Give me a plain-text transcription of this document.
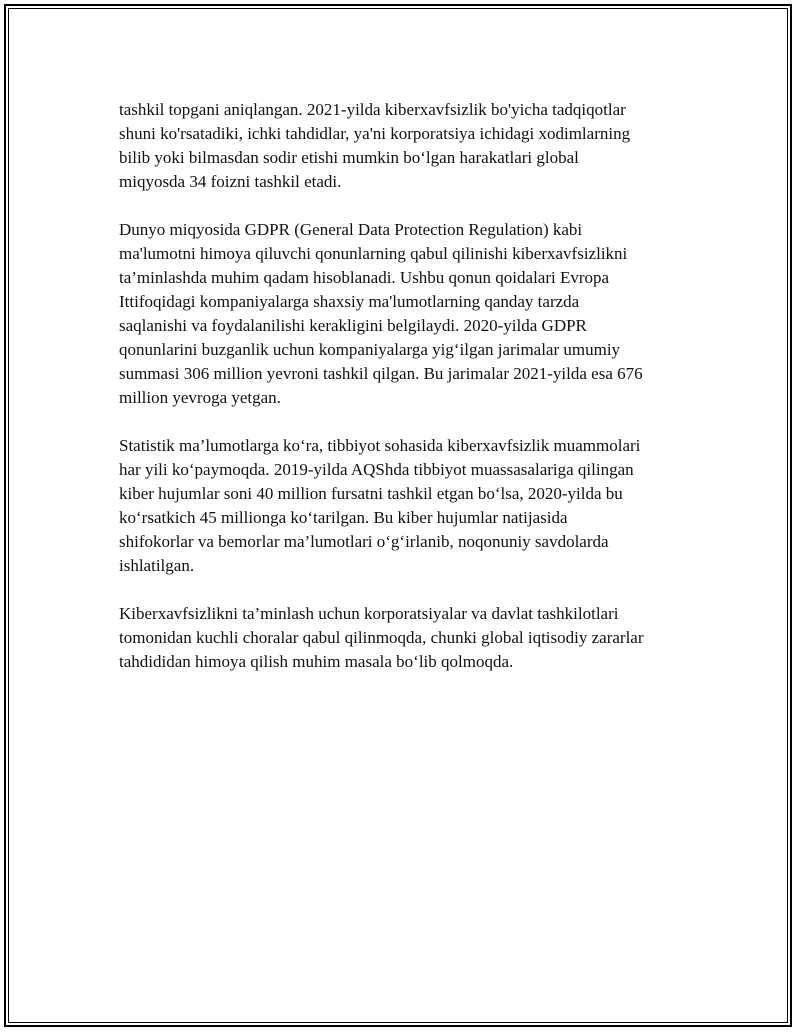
tashkil topgani aniqlangan. 2021-yilda kiberxavfsizlik bo'yicha tadqiqotlar
shuni ko'rsatadiki, ichki tahdidlar, ya'ni korporatsiya ichidagi xodimlarning
bilib yoki bilmasdan sodir etishi mumkin bo‘lgan harakatlari global
miqyosda 34 foizni tashkil etadi.

Dunyo miqyosida GDPR (General Data Protection Regulation) kabi
ma'lumotni himoya qiluvchi qonunlarning qabul qilinishi kiberxavfsizlikni
ta’minlashda muhim qadam hisoblanadi. Ushbu qonun qoidalari Evropa
Ittifoqidagi kompaniyalarga shaxsiy ma'lumotlarning qanday tarzda
saqlanishi va foydalanilishi kerakligini belgilaydi. 2020-yilda GDPR
qonunlarini buzganlik uchun kompaniyalarga yig‘ilgan jarimalar umumiy
summasi 306 million yevroni tashkil qilgan. Bu jarimalar 2021-yilda esa 676
million yevroga yetgan.

Statistik ma’lumotlarga ko‘ra, tibbiyot sohasida kiberxavfsizlik muammolari
har yili ko‘paymoqda. 2019-yilda AQShda tibbiyot muassasalariga qilingan
kiber hujumlar soni 40 million fursatni tashkil etgan bo‘lsa, 2020-yilda bu
ko‘rsatkich 45 millionga ko‘tarilgan. Bu kiber hujumlar natijasida
shifokorlar va bemorlar ma’lumotlari o‘g‘irlanib, noqonuniy savdolarda
ishlatilgan.

Kiberxavfsizlikni ta’minlash uchun korporatsiyalar va davlat tashkilotlari
tomonidan kuchli choralar qabul qilinmoqda, chunki global iqtisodiy zararlar
tahdididan himoya qilish muhim masala bo‘lib qolmoqda.
